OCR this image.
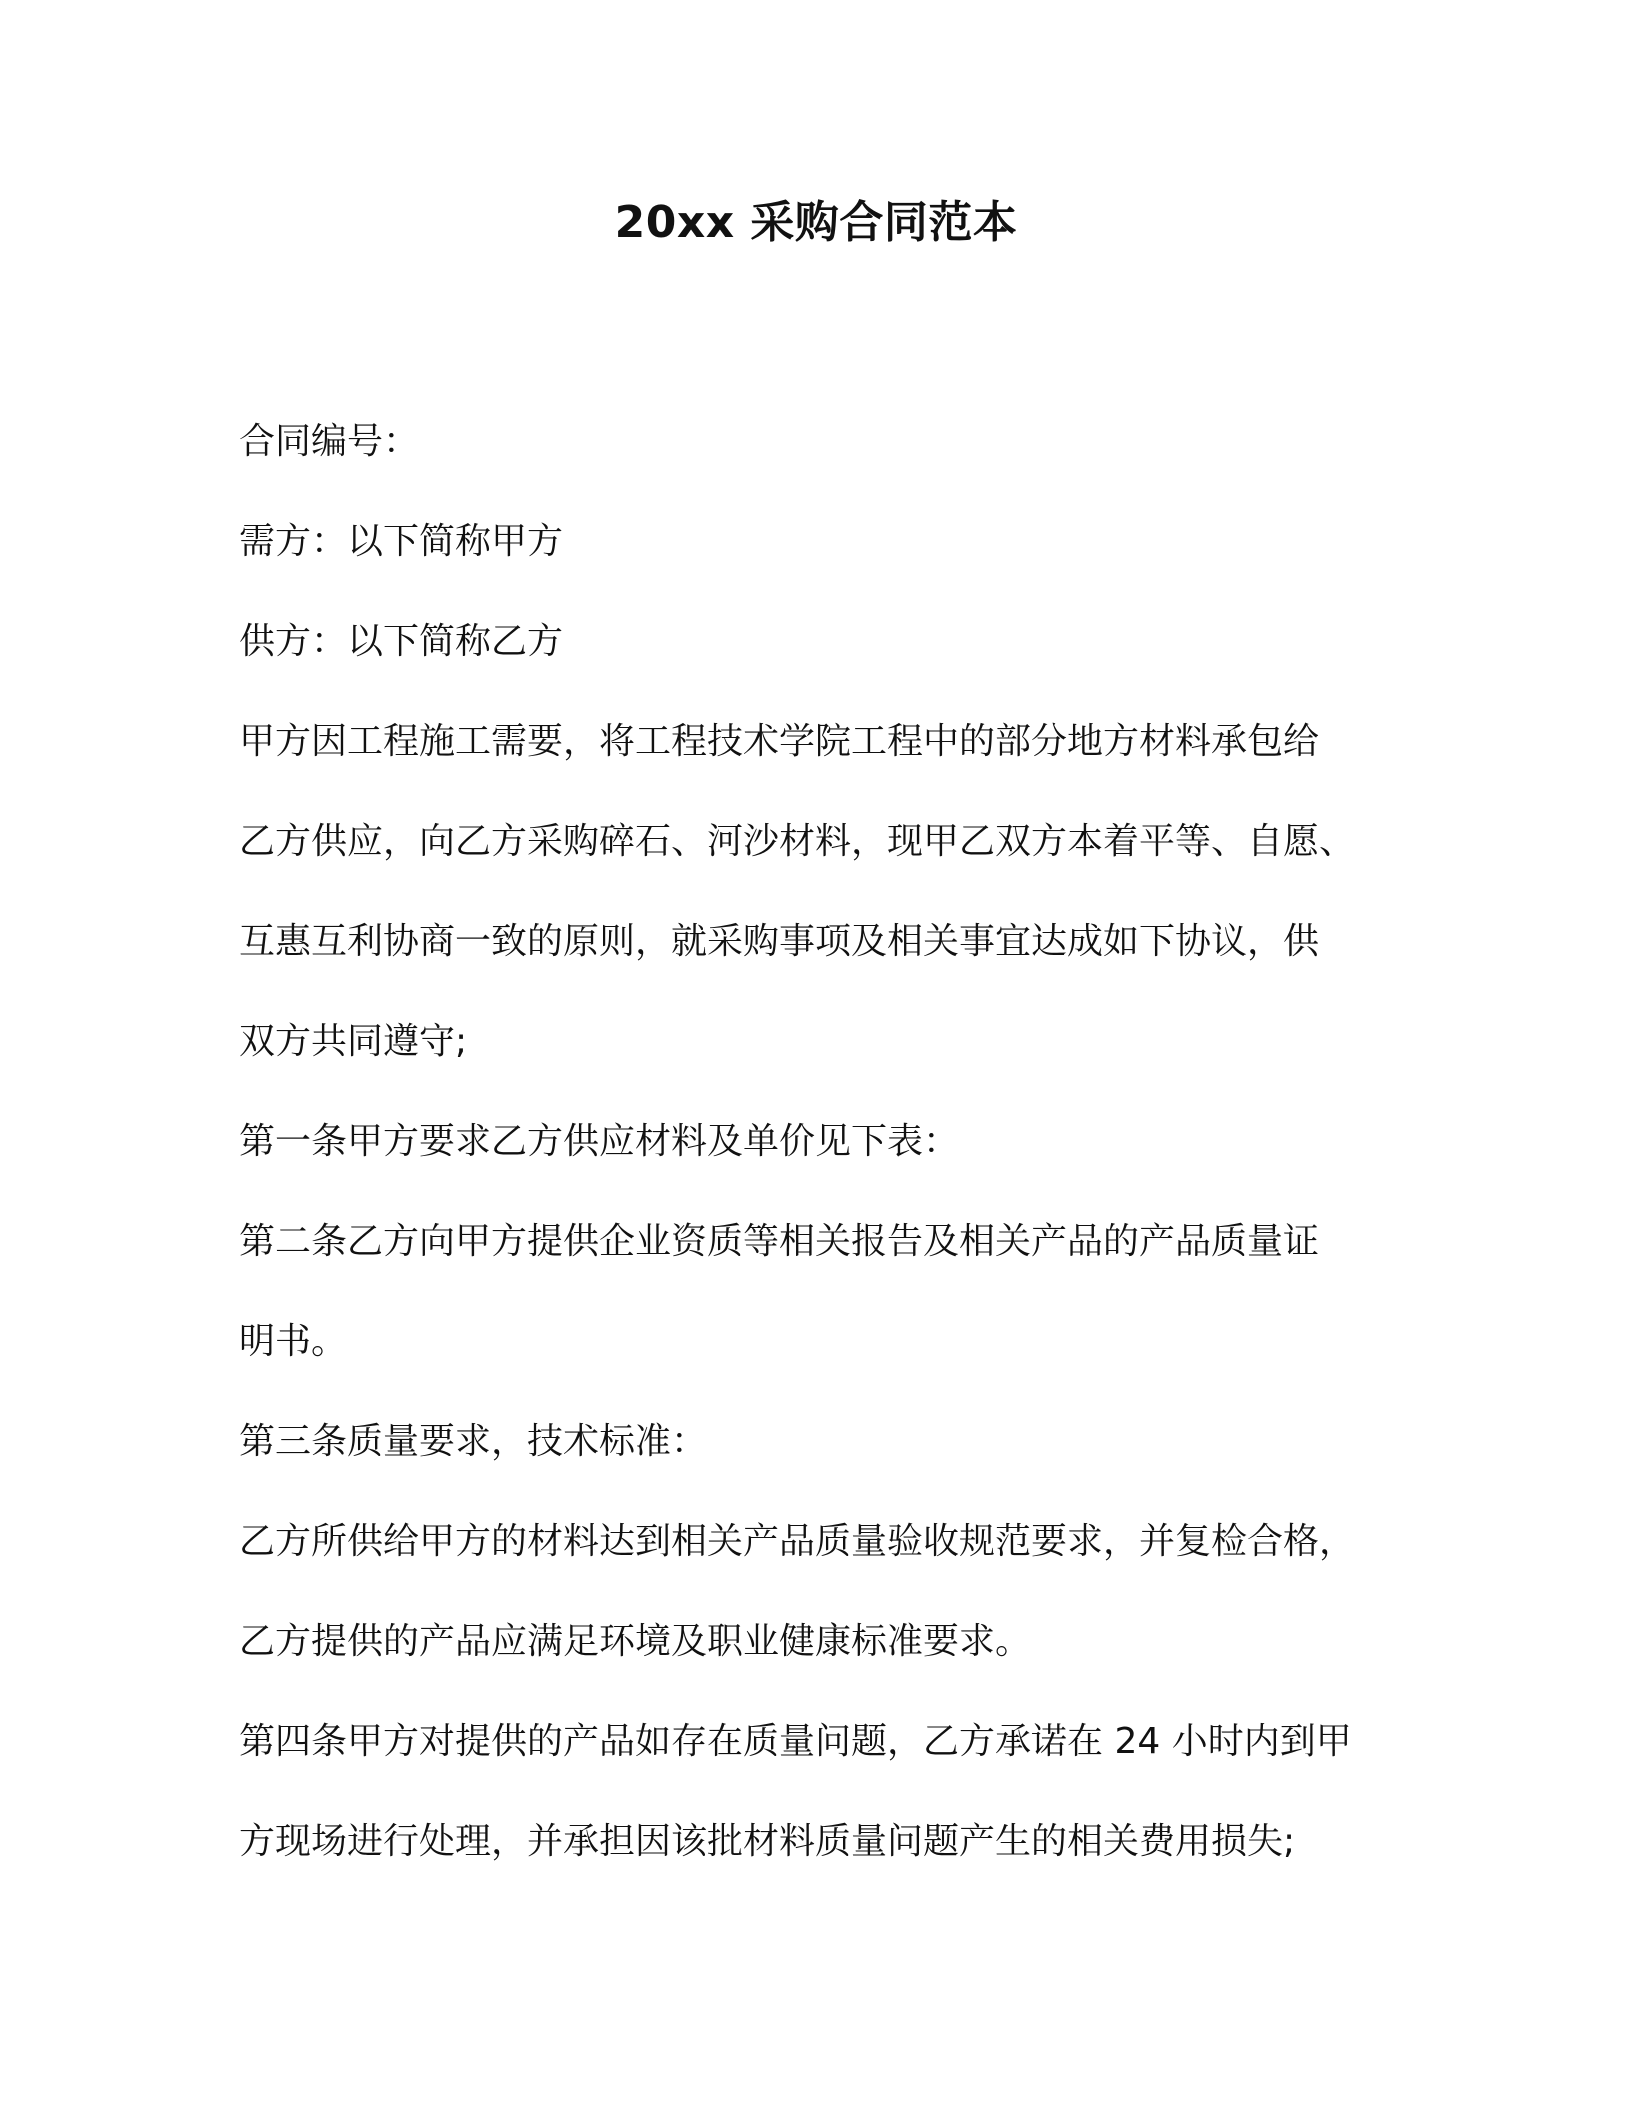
20xx 采购合同范本
合同编号：
需方：以下简称甲方
供方：以下简称乙方
甲方因工程施工需要，将工程技术学院工程中的部分地方材料承包给
乙方供应，向乙方采购碎石、河沙材料，现甲乙双方本着平等、自愿、
互惠互利协商一致的原则，就采购事项及相关事宜达成如下协议，供
双方共同遵守;
第一条甲方要求乙方供应材料及单价见下表：
第二条乙方向甲方提供企业资质等相关报告及相关产品的产品质量证
明书。
第三条质量要求，技术标准：
乙方所供给甲方的材料达到相关产品质量验收规范要求，并复检合格，
乙方提供的产品应满足环境及职业健康标准要求。
第四条甲方对提供的产品如存在质量问题，乙方承诺在 24 小时内到甲
方现场进行处理，并承担因该批材料质量问题产生的相关费用损失;
